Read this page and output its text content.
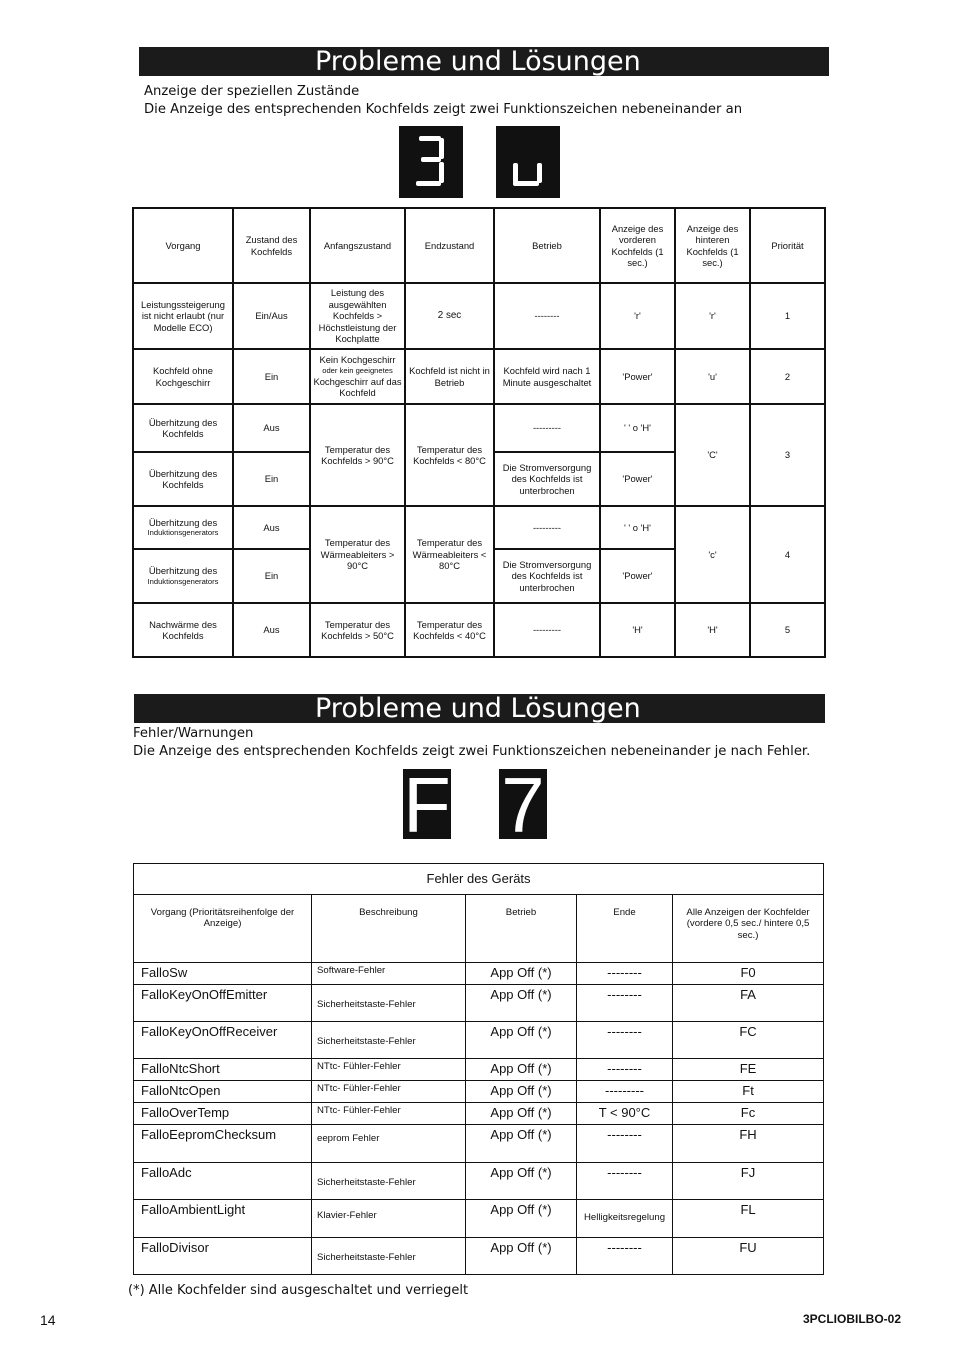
Probleme und Lösungen
Anzeige der speziellen Zustände
Die Anzeige des entsprechenden Kochfelds zeigt zwei Funktionszeichen nebeneinander an
Vorgang	Zustand des Kochfelds	Anfangszustand	Endzustand	Betrieb	Anzeige des vorderen Kochfelds (1 sec.)	Anzeige des hinteren Kochfelds (1 sec.)	Priorität
Leistungssteigerung ist nicht erlaubt (nur Modelle ECO)	Ein/Aus	Leistung des ausgewählten Kochfelds > Höchstleistung der Kochplatte	2 sec	--------	'r'	'r'	1
Kochfeld ohne Kochgeschirr	Ein	Kein Kochgeschirr
oder kein geeignetes
Kochgeschirr auf das Kochfeld	Kochfeld ist nicht in Betrieb	Kochfeld wird nach 1 Minute ausgeschaltet	'Power'	'u'	2
Überhitzung des Kochfelds	Aus	Temperatur des Kochfelds > 90°C	Temperatur des Kochfelds < 80°C	---------	' ' o 'H'	'C'	3
Überhitzung des Kochfelds	Ein			Die Stromversorgung des Kochfelds ist unterbrochen	'Power'		

Überhitzung des
Induktionsgenerators	Aus	Temperatur des Wärmeableiters > 90°C	Temperatur des Wärmeableiters < 80°C	---------	' ' o 'H'	'c'	4

Überhitzung des
Induktionsgenerators	Ein			Die Stromversorgung des Kochfelds ist unterbrochen	'Power'		
Nachwärme des Kochfelds	Aus	Temperatur des Kochfelds > 50°C	Temperatur des Kochfelds < 40°C	---------	'H'	'H'	5
Probleme und Lösungen
Fehler/Warnungen
Die Anzeige des entsprechenden Kochfelds zeigt zwei Funktionszeichen nebeneinander je nach Fehler.
F 7
Fehler des Geräts				
Vorgang (Prioritätsreihenfolge der Anzeige)	Beschreibung	Betrieb	Ende	Alle Anzeigen der Kochfelder (vordere 0,5 sec./ hintere 0,5 sec.)
FalloSw	Software-Fehler	App Off (*)	--------	F0
FalloKeyOnOffEmitter	Sicherheitstaste-Fehler	App Off (*)	--------	FA
FalloKeyOnOffReceiver	Sicherheitstaste-Fehler	App Off (*)	--------	FC
FalloNtcShort	NTtc- Fühler-Fehler	App Off (*)	--------	FE
FalloNtcOpen	NTtc- Fühler-Fehler	App Off (*)	---------	Ft
FalloOverTemp	NTtc- Fühler-Fehler	App Off (*)	T < 90°C	Fc
FalloEepromChecksum	eeprom Fehler	App Off (*)	--------	FH
FalloAdc	Sicherheitstaste-Fehler	App Off (*)	--------	FJ
FalloAmbientLight	Klavier-Fehler	App Off (*)	Helligkeitsregelung	FL
FalloDivisor	Sicherheitstaste-Fehler	App Off (*)	--------	FU
(*) Alle Kochfelder sind ausgeschaltet und verriegelt
14	3PCLIOBILBO-02
